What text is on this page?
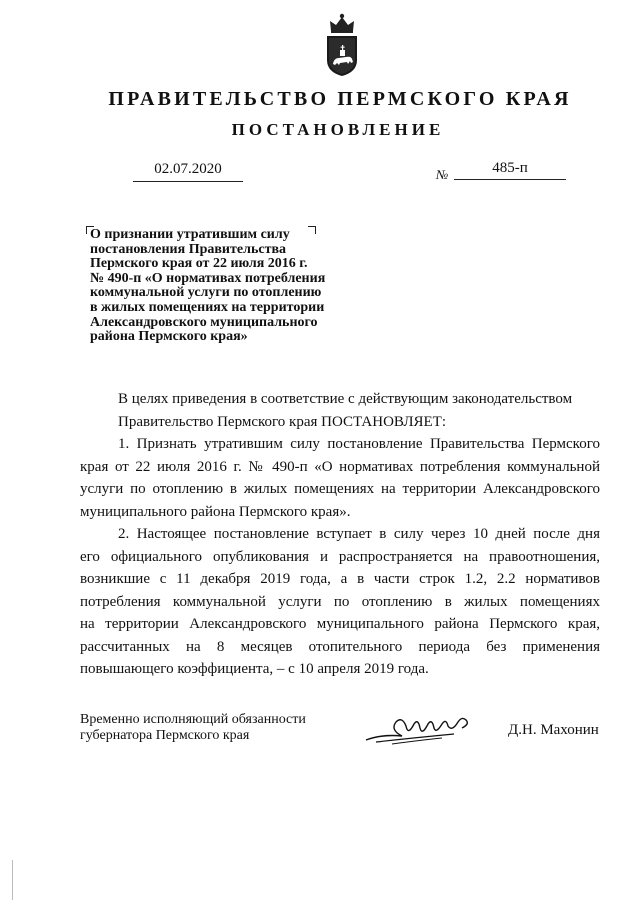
ПРАВИТЕЛЬСТВО ПЕРМСКОГО КРАЯ
ПОСТАНОВЛЕНИЕ
02.07.2020	№	485-п
О признании утратившим силу
постановления Правительства
Пермского края от 22 июля 2016 г.
№ 490-п «О нормативах потребления
коммунальной услуги по отоплению
в жилых помещениях на территории
Александровского муниципального
района Пермского края»
В целях приведения в соответствие с действующим законодательством
Правительство Пермского края ПОСТАНОВЛЯЕТ:
1. Признать утратившим силу постановление Правительства Пермского
края от 22 июля 2016 г. № 490-п «О нормативах потребления коммунальной
услуги по отоплению в жилых помещениях на территории Александровского
муниципального района Пермского края».
2. Настоящее постановление вступает в силу через 10 дней после дня
его официального опубликования и распространяется на правоотношения,
возникшие с 11 декабря 2019 года, а в части строк 1.2, 2.2 нормативов
потребления коммунальной услуги по отоплению в жилых помещениях
на территории Александровского муниципального района Пермского края,
рассчитанных на 8 месяцев отопительного периода без применения
повышающего коэффициента, – с 10 апреля 2019 года.
Временно исполняющий обязанности
губернатора Пермского края	Д.Н. Махонин
